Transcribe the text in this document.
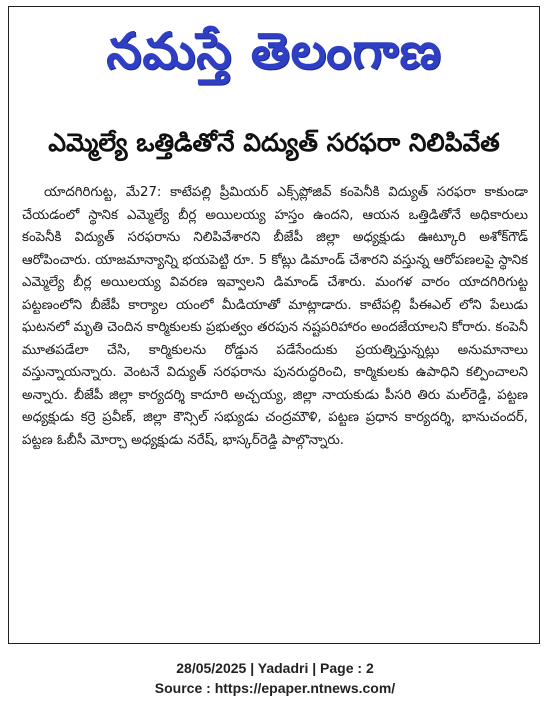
నమస్తే తెలంగాణ
ఎమ్మెల్యే ఒత్తిడితోనే విద్యుత్ సరఫరా నిలిపివేత

యాదగిరిగుట్ట, మే27: కాటేపల్లి ప్రీమియర్ ఎక్స్‌ప్లోజివ్ కంపెనీకి విద్యుత్ సరఫరా కాకుండా చేయడంలో స్థానిక ఎమ్మెల్యే బీర్ల అయిలయ్య హస్తం ఉందని, ఆయన ఒత్తిడితోనే అధికారులు కంపెనీకి విద్యుత్ సరఫరాను నిలిపివేశారని బీజేపీ జిల్లా అధ్యక్షుడు ఊట్కూరి అశోక్‌గౌడ్ ఆరోపించారు. యాజమాన్యాన్ని భయపెట్టి రూ. 5 కోట్లు డిమాండ్ చేశారని వస్తున్న ఆరోపణలపై స్థానిక ఎమ్మెల్యే బీర్ల అయిలయ్య వివరణ ఇవ్వాలని డిమాండ్ చేశారు. మంగళ వారం యాదగిరిగుట్ట పట్టణంలోని బీజేపీ కార్యాల యంలో మీడియాతో మాట్లాడారు. కాటేపల్లి పీఈఎల్ లోని పేలుడు ఘటనలో మృతి చెందిన కార్మికులకు ప్రభుత్వం తరపున నష్టపరిహారం అందజేయాలని కోరారు. కంపెనీ మూతపడేలా చేసి, కార్మికులను రోడ్డున పడేసేందుకు ప్రయత్నిస్తున్నట్లు అనుమానాలు వస్తున్నాయన్నారు. వెంటనే విద్యుత్ సరఫరాను పునరుద్ధరించి, కార్మికులకు ఉపాధిని కల్పించాలని అన్నారు. బీజేపీ జిల్లా కార్యదర్శి కాదూరి అచ్చయ్య, జిల్లా నాయకుడు పీసరి తిరు మల్‌రెడ్డి, పట్టణ అధ్యక్షుడు కర్రె ప్రవీణ్, జిల్లా కౌన్సిల్ సభ్యుడు చంద్రమౌళి, పట్టణ ప్రధాన కార్యదర్శి, భానుచందర్, పట్టణ ఓబీసీ మోర్చా అధ్యక్షుడు నరేష్, భాస్కర్‌రెడ్డి పాల్గొన్నారు.

28/05/2025 | Yadadri | Page : 2
Source : https://epaper.ntnews.com/
